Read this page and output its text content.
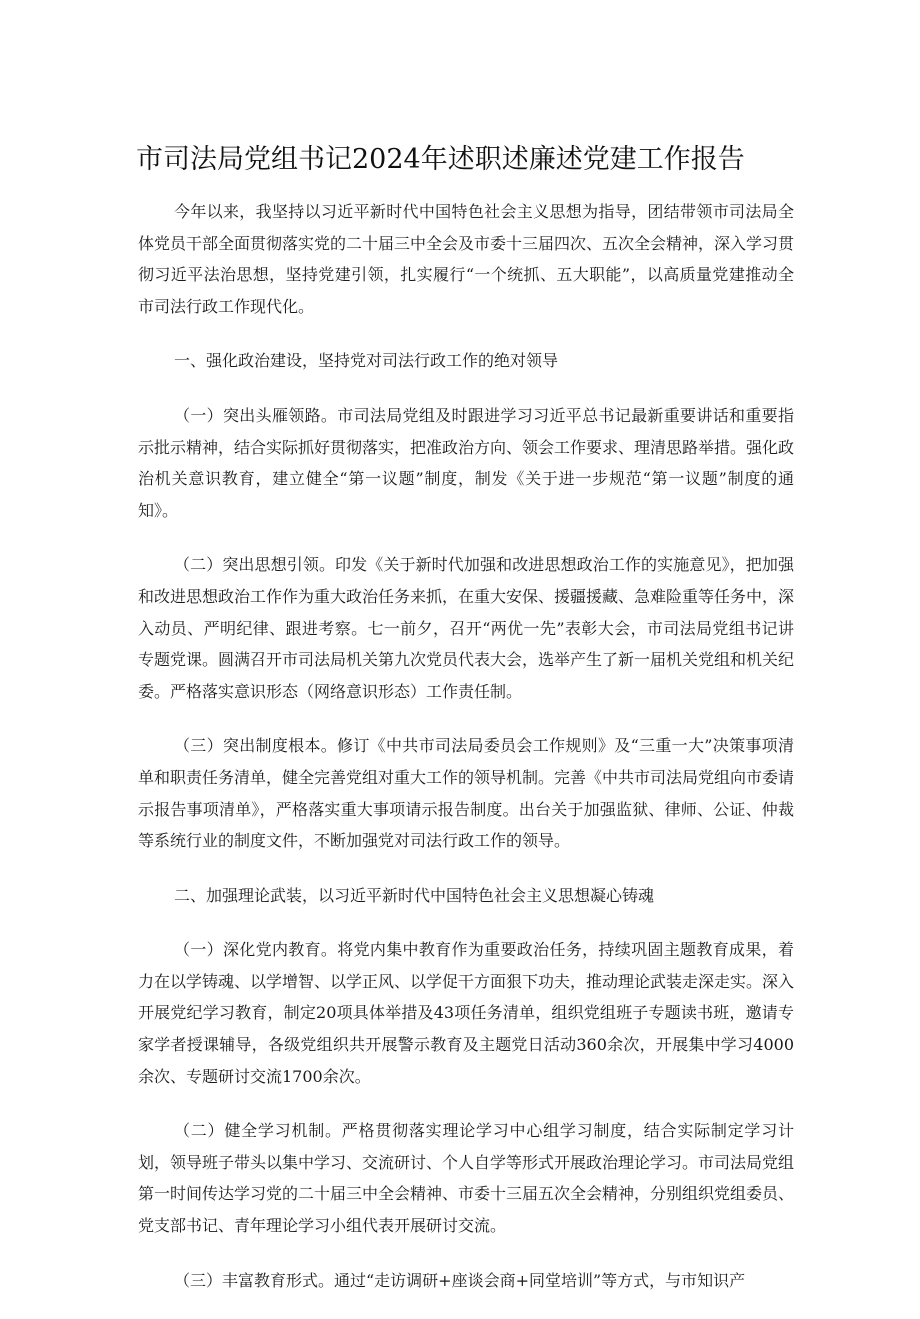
市司法局党组书记2024年述职述廉述党建工作报告

今年以来，我坚持以习近平新时代中国特色社会主义思想为指导，团结带领市司法局全体党员干部全面贯彻落实党的二十届三中全会及市委十三届四次、五次全会精神，深入学习贯彻习近平法治思想，坚持党建引领，扎实履行“一个统抓、五大职能”，以高质量党建推动全市司法行政工作现代化。

一、强化政治建设，坚持党对司法行政工作的绝对领导

（一）突出头雁领路。市司法局党组及时跟进学习习近平总书记最新重要讲话和重要指示批示精神，结合实际抓好贯彻落实，把准政治方向、领会工作要求、理清思路举措。强化政治机关意识教育，建立健全“第一议题”制度，制发《关于进一步规范“第一议题”制度的通知》。

（二）突出思想引领。印发《关于新时代加强和改进思想政治工作的实施意见》，把加强和改进思想政治工作作为重大政治任务来抓，在重大安保、援疆援藏、急难险重等任务中，深入动员、严明纪律、跟进考察。七一前夕，召开“两优一先”表彰大会，市司法局党组书记讲专题党课。圆满召开市司法局机关第九次党员代表大会，选举产生了新一届机关党组和机关纪委。严格落实意识形态（网络意识形态）工作责任制。

（三）突出制度根本。修订《中共市司法局委员会工作规则》及“三重一大”决策事项清单和职责任务清单，健全完善党组对重大工作的领导机制。完善《中共市司法局党组向市委请示报告事项清单》，严格落实重大事项请示报告制度。出台关于加强监狱、律师、公证、仲裁等系统行业的制度文件，不断加强党对司法行政工作的领导。

二、加强理论武装，以习近平新时代中国特色社会主义思想凝心铸魂

（一）深化党内教育。将党内集中教育作为重要政治任务，持续巩固主题教育成果，着力在以学铸魂、以学增智、以学正风、以学促干方面狠下功夫，推动理论武装走深走实。深入开展党纪学习教育，制定20项具体举措及43项任务清单，组织党组班子专题读书班，邀请专家学者授课辅导，各级党组织共开展警示教育及主题党日活动360余次，开展集中学习4000余次、专题研讨交流1700余次。

（二）健全学习机制。严格贯彻落实理论学习中心组学习制度，结合实际制定学习计划，领导班子带头以集中学习、交流研讨、个人自学等形式开展政治理论学习。市司法局党组第一时间传达学习党的二十届三中全会精神、市委十三届五次全会精神，分别组织党组委员、党支部书记、青年理论学习小组代表开展研讨交流。

（三）丰富教育形式。通过“走访调研+座谈会商+同堂培训”等方式，与市知识产
